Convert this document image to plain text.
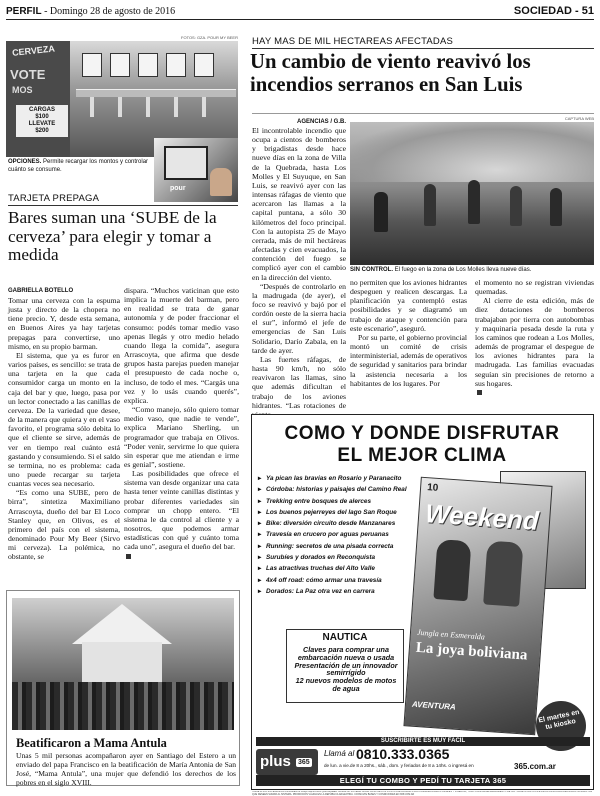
PERFIL - Domingo 28 de agosto de 2016	SOCIEDAD - 51
FOTOS: GZA. POUR MY BEER
CERVEZA
VOTE
MOS
CARGAS
$100
LLEVATE
$200
OPCIONES. Permite recargar los montos y controlar cuánto se consume.
pour
TARJETA PREPAGA
Bares suman una ‘SUBE de la cerveza’ para elegir y tomar a medida
GABRIELLA BOTELLO

Tomar una cerveza con la espuma justa y directo de la chopera no tiene precio. Y, desde esta semana, en Buenos Aires ya hay tarjetas prepagas para convertirse, uno mismo, en su propio barman.

El sistema, que ya es furor en varios países, es sencillo: se trata de una tarjeta en la que cada consumidor carga un monto en la caja del bar y que, luego, pasa por un lector conectado a las canillas de cerveza. De la variedad que desee, de la manera que quiera y en el vaso favorito, el programa sólo debita lo que el cliente se sirve, además de ver en tiempo real cuánto está gastando y consumiendo. Si el saldo se termina, no es problema: cada uno puede recargar su tarjeta cuantas veces sea necesario.

“Es como una SUBE, pero de birra”, sintetiza Maximiliano Arrascoyta, dueño del bar El Loco Stanley que, en Olivos, es el primero del país con el sistema, denominado Pour My Beer (Sirvo mi cerveza). La polémica, no obstante, se

dispara. “Muchos vaticinan que esto implica la muerte del barman, pero en realidad se trata de ganar autonomía y de poder fraccionar el consumo: podés tomar medio vaso apenas llegás y otro medio helado cuando llega la comida”, asegura Arrascoyta, que afirma que desde grupos hasta parejas pueden manejar el presupuesto de cada noche o, incluso, de todo el mes. “Cargás una vez y lo usás cuando querés”, explica.

“Como manejo, sólo quiero tomar medio vaso, que nadie te vende”, explica Mariano Sherling, un programador que trabaja en Olivos. “Poder venir, servirme lo que quiera sin esperar que me atiendan e irme es genial”, sostiene.

Las posibilidades que ofrece el sistema van desde organizar una cata hasta tener veinte canillas distintas y probar diferentes variedades sin comprar un chopp entero. “El sistema le da control al cliente y a nosotros, que podemos armar estadísticas con qué y cuánto toma cada uno”, asegura el dueño del bar.

Beatificaron a Mama Antula
Unas 5 mil personas acompañaron ayer en Santiago del Estero a un enviado del papa Francisco en la beatificación de María Antonia de San José, “Mama Antula”, una mujer que defendió los derechos de los pobres en el siglo XVIII.
HAY MAS DE MIL HECTAREAS AFECTADAS
Un cambio de viento reavivó los incendios serranos en San Luis
AGENCIAS / G.B.
CAPTURA WEB

El incontrolable incendio que ocupa a cientos de bomberos y brigadistas desde hace nueve días en la zona de Villa de la Quebrada, hasta Los Molles y El Suyuque, en San Luis, se reavivó ayer con las intensas ráfagas de viento que acercaron las llamas a la capital puntana, a sólo 30 kilómetros del foco principal. Con la autopista 25 de Mayo cerrada, más de mil hectáreas afectadas y cien evacuados, la contención del fuego se complicó ayer con el cambio en la dirección del viento.

“Después de controlarlo en la madrugada (de ayer), el foco se reavivó y bajó por el cordón oeste de la sierra hacia el sur”, informó el jefe de emergencias de San Luis Solidario, Darío Zabala, en la tarde de ayer.

Las fuertes ráfagas, de hasta 90 km/h, no sólo reavivaron las llamas, sino que además dificultan el trabajo de los aviones hidrantes. “Las rotaciones de

SIN CONTROL. El fuego en la zona de Los Molles lleva nueve días.

no permiten que los aviones hidrantes despeguen y realicen descargas. La planificación ya contempló estas posibilidades y se diagramó un trabajo de ataque y contención para este escenario”, aseguró.

Por su parte, el gobierno provincial montó un comité de crisis interministerial, además de operativos de seguridad y sanitarios para brindar la asistencia necesaria a los habitantes de los lugares. Por

el momento no se registran viviendas quemadas.

Al cierre de esta edición, más de diez dotaciones de bomberos trabajaban por tierra con autobombas y maquinaria pesada desde la ruta y los caminos que rodean a Los Molles, además de programar el despegue de los aviones hidrantes para la madrugada. Las familias evacuadas seguían sin precisiones de retorno a sus hogares.

COMO Y DONDE DISFRUTAR
EL MEJOR CLIMA
▸ Ya pican las bravias en Rosario y Paranacito
▸ Córdoba: historias y paisajes del Camino Real
▸ Trekking entre bosques de alerces
▸ Los buenos pejerreyes del lago San Roque
▸ Bike: diversión circuito desde Manzanares
▸ Travesía en crucero por aguas peruanas
▸ Running: secretos de una pisada correcta
▸ Surubíes y dorados en Reconquista
▸ Las atractivas truchas del Alto Valle
▸ 4x4 off road: cómo armar una travesía
▸ Dorados: La Paz otra vez en carrera
Weekend
10
Jungla en Esmeralda
La joya boliviana
AVENTURA
El martes en tu kiosko
NAUTICA
Claves para comprar una embarcación nueva o usada
Presentación de un innovador semirrígido
12 nuevos modelos de motos de agua
SUSCRIBIRTE ES MUY FACIL
plus 365
Llamá al 0810.333.0365
de lun. a vie.de 8 a 20hs., sáb., dom. y feriados de 8 a 14hs. o ingresá en	365.com.ar
ELEGÍ TU COMBO Y PEDÍ TU TARJETA 365
TARJETA 365 SISTEMA EXCLUSIVAMENTE PARA PERSONAS QUE DESEEN SUMAR AL SISTEMA. EN EL CASO DE LOS PUNTOS DE ACCESO A LAS COMBINACIONES POSIBLES Y VIGENCIA, TODO CONFORME REGLAMENTO DE 365. TARJETA 365 PLUS ES EXCLUSIVA PARA PERSONAS SUSCRIPTAS QUE DESEEN SUMAR AL SISTEMA. PROMOCIÓN VÁLIDA EN LA REPÚBLICA ARGENTINA. CONSULTE BASES Y CONDICIONES EN 365.COM.AR
